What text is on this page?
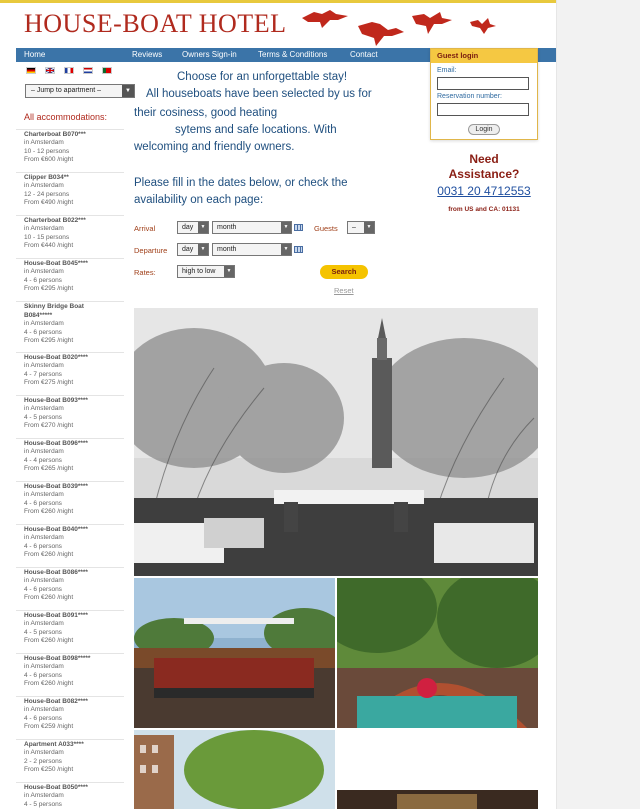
HOUSE-BOAT HOTEL
Home	Reviews Owners Sign-in	Terms & Conditions	Contact	Guest login
Email:
Reservation number:
Login
– Jump to apartment –	▼
All accommodations:
Charterboat B070***
in Amsterdam
10 - 12 persons
From €600 /night
Clipper B034**
in Amsterdam
12 - 24 persons
From €490 /night
Charterboat B022***
in Amsterdam
10 - 15 persons
From €440 /night
House-Boat B045****
in Amsterdam
4 - 6 persons
From €295 /night
Skinny Bridge Boat B084*****
in Amsterdam
4 - 6 persons
From €295 /night
House-Boat B020****
in Amsterdam
4 - 7 persons
From €275 /night
House-Boat B093****
in Amsterdam
4 - 5 persons
From €270 /night
House-Boat B096****
in Amsterdam
4 - 4 persons
From €265 /night
House-Boat B039****
in Amsterdam
4 - 6 persons
From €260 /night
House-Boat B040****
in Amsterdam
4 - 6 persons
From €260 /night
House-Boat B086****
in Amsterdam
4 - 6 persons
From €260 /night
House-Boat B091****
in Amsterdam
4 - 5 persons
From €260 /night
House-Boat B098*****
in Amsterdam
4 - 6 persons
From €260 /night
House-Boat B082****
in Amsterdam
4 - 6 persons
From €259 /night
Apartment A033****
in Amsterdam
2 - 2 persons
From €250 /night
House-Boat B050****
in Amsterdam
4 - 5 persons
Choose for an unforgettable stay!
All houseboats have been selected by us for
their cosiness, good heating
sytems and safe locations. With
welcoming and friendly owners.
Please fill in the dates below, or check the
availability on each page:
Need
Assistance?
0031 20 4712553
from US and CA: 01131
Arrival	day	▼	month	▼	Guests	–	▼
Departure	day	▼	month	▼
Rates:	high to low	▼	Search
Reset
